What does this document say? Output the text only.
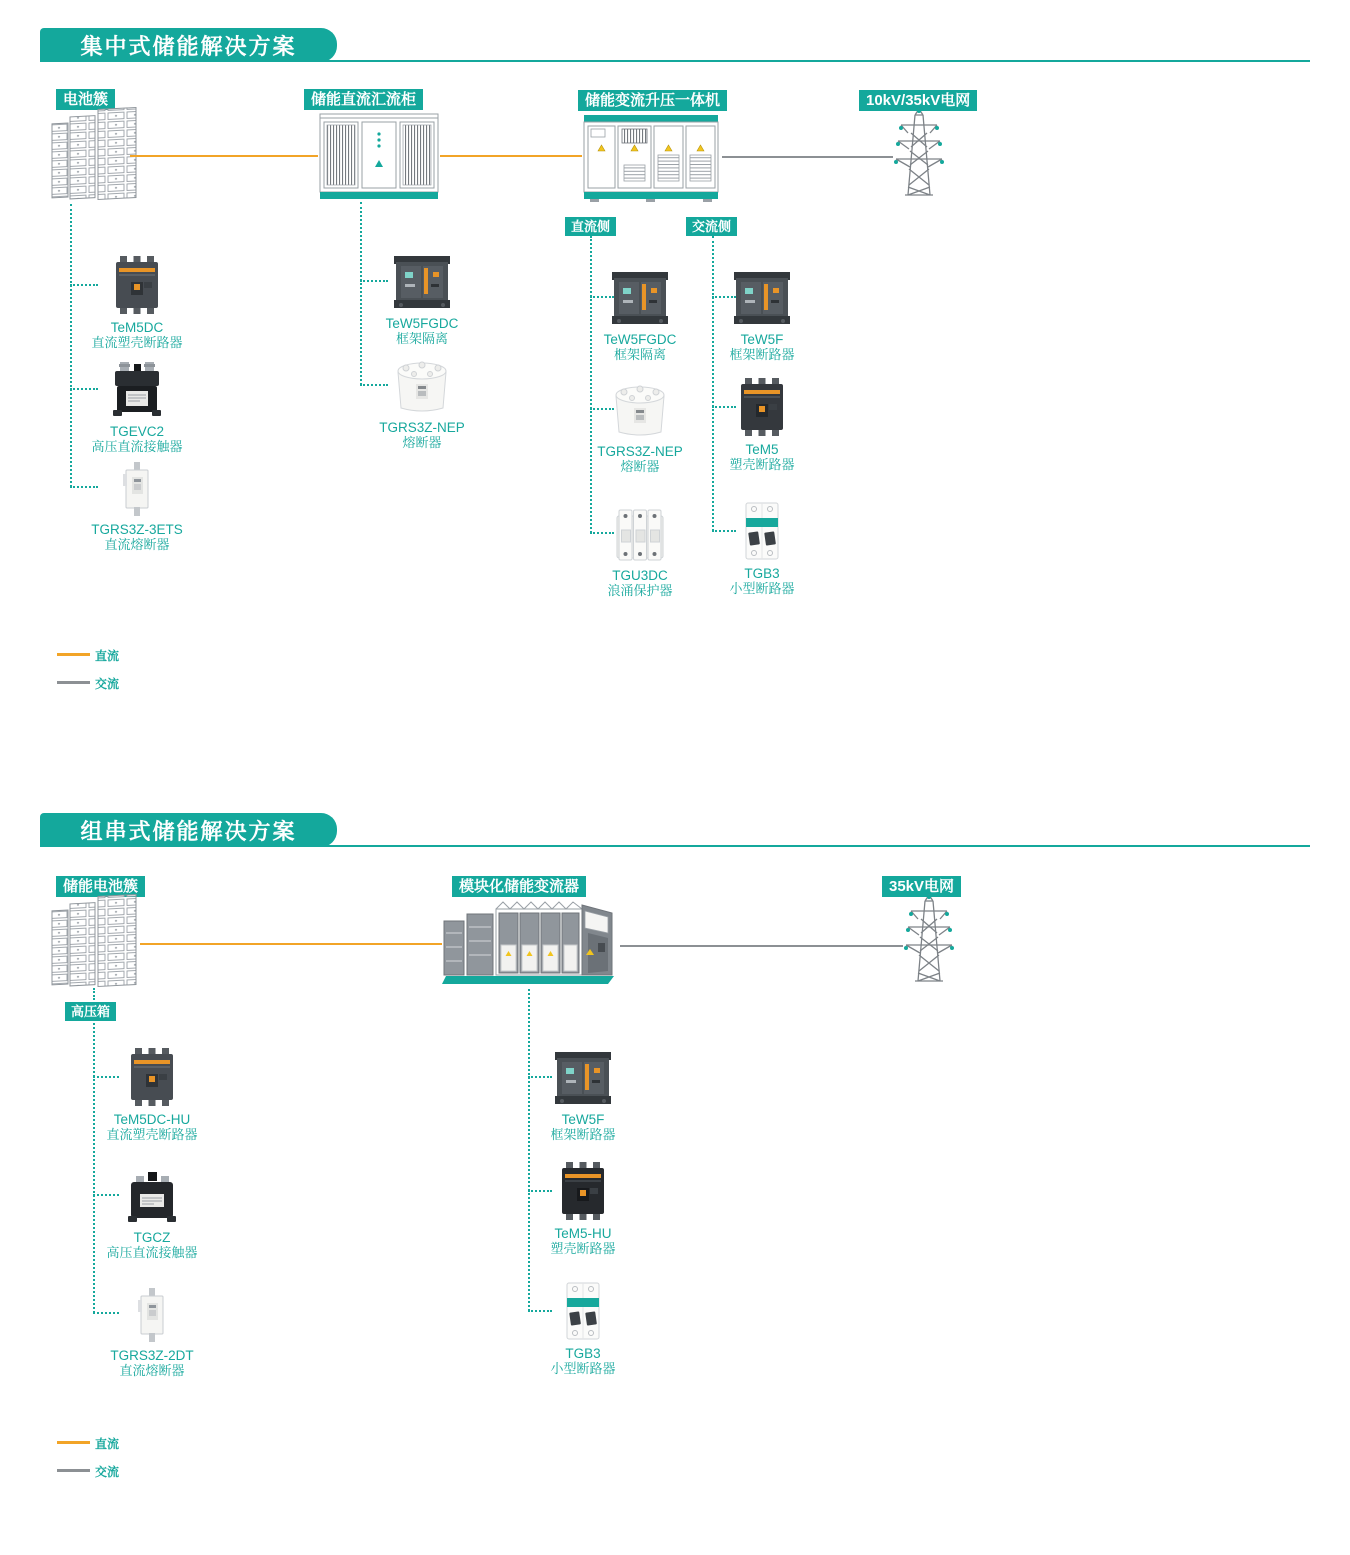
集中式储能解决方案
电池簇	储能直流汇流柜	储能变流升压一体机	10kV/35kV电网
直流侧	交流侧
TeM5DC
直流塑壳断路器
TGEVC2
高压直流接触器
TGRS3Z-3ETS
直流熔断器
TeW5FGDC
框架隔离
TGRS3Z-NEP
熔断器
TeW5FGDC
框架隔离
TGRS3Z-NEP
熔断器
TGU3DC
浪涌保护器
TeW5F
框架断路器
TeM5
塑壳断路器
TGB3
小型断路器
直流
交流
组串式储能解决方案
储能电池簇	模块化储能变流器	35kV电网
高压箱
TeM5DC-HU
直流塑壳断路器
TGCZ
高压直流接触器
TGRS3Z-2DT
直流熔断器
TeW5F
框架断路器
TeM5-HU
塑壳断路器
TGB3
小型断路器
直流
交流
